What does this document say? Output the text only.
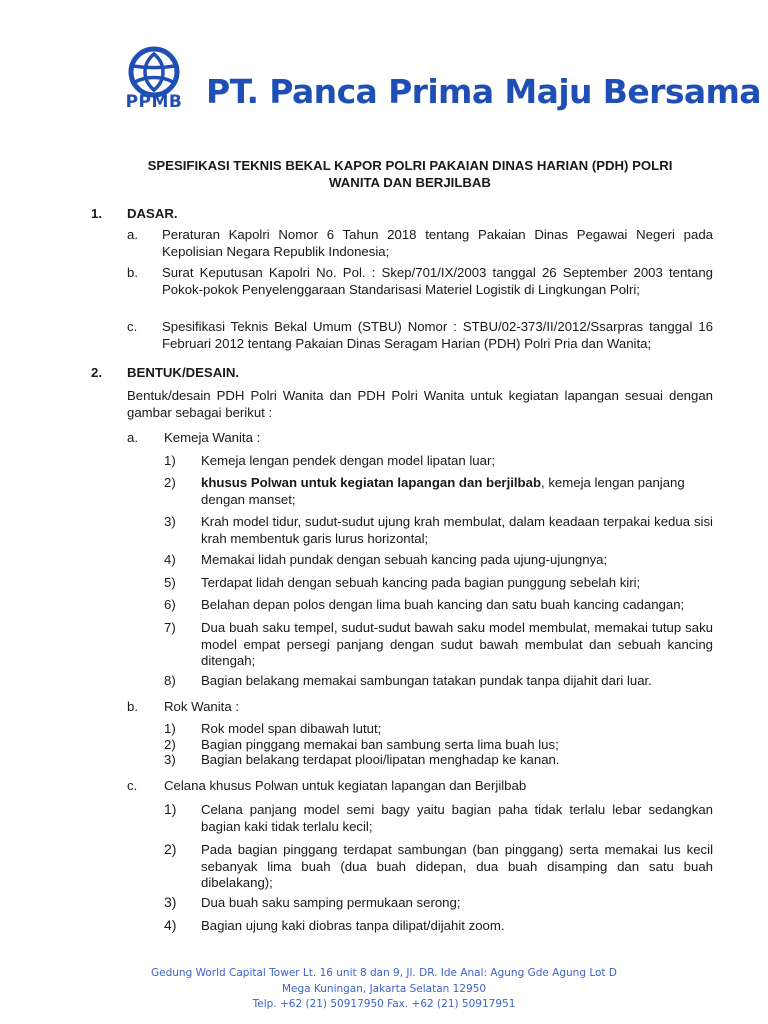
PPMB PT. Panca Prima Maju Bersama
SPESIFIKASI TEKNIS BEKAL KAPOR POLRI PAKAIAN DINAS HARIAN (PDH) POLRI
WANITA DAN BERJILBAB
1. DASAR.
a. Peraturan Kapolri Nomor 6 Tahun 2018 tentang Pakaian Dinas Pegawai Negeri pada Kepolisian Negara Republik Indonesia;
b. Surat Keputusan Kapolri No. Pol. : Skep/701/IX/2003 tanggal 26 September 2003 tentang Pokok-pokok Penyelenggaraan Standarisasi Materiel Logistik di Lingkungan Polri;
c. Spesifikasi Teknis Bekal Umum (STBU) Nomor : STBU/02-373/II/2012/Ssarpras tanggal 16 Februari 2012 tentang Pakaian Dinas Seragam Harian (PDH) Polri Pria dan Wanita;
2. BENTUK/DESAIN.
Bentuk/desain PDH Polri Wanita dan PDH Polri Wanita untuk kegiatan lapangan sesuai dengan gambar sebagai berikut :
a. Kemeja Wanita :
1) Kemeja lengan pendek dengan model lipatan luar;
2) khusus Polwan untuk kegiatan lapangan dan berjilbab, kemeja lengan panjang dengan manset;
3) Krah model tidur, sudut-sudut ujung krah membulat, dalam keadaan terpakai kedua sisi krah membentuk garis lurus horizontal;
4) Memakai lidah pundak dengan sebuah kancing pada ujung-ujungnya;
5) Terdapat lidah dengan sebuah kancing pada bagian punggung sebelah kiri;
6) Belahan depan polos dengan lima buah kancing dan satu buah kancing cadangan;
7) Dua buah saku tempel, sudut-sudut bawah saku model membulat, memakai tutup saku model empat persegi panjang dengan sudut bawah membulat dan sebuah kancing ditengah;
8) Bagian belakang memakai sambungan tatakan pundak tanpa dijahit dari luar.
b. Rok Wanita :
1) Rok model span dibawah lutut;
2) Bagian pinggang memakai ban sambung serta lima buah lus;
3) Bagian belakang terdapat plooi/lipatan menghadap ke kanan.
c. Celana khusus Polwan untuk kegiatan lapangan dan Berjilbab
1) Celana panjang model semi bagy yaitu bagian paha tidak terlalu lebar sedangkan bagian kaki tidak terlalu kecil;
2) Pada bagian pinggang terdapat sambungan (ban pinggang) serta memakai lus kecil sebanyak lima buah (dua buah didepan, dua buah disamping dan satu buah dibelakang);
3) Dua buah saku samping permukaan serong;
4) Bagian ujung kaki diobras tanpa dilipat/dijahit zoom.
Gedung World Capital Tower Lt. 16 unit 8 dan 9, Jl. DR. Ide Anal: Agung Gde Agung Lot D
Mega Kuningan, Jakarta Selatan 12950
Telp. +62 (21) 50917950 Fax. +62 (21) 50917951
